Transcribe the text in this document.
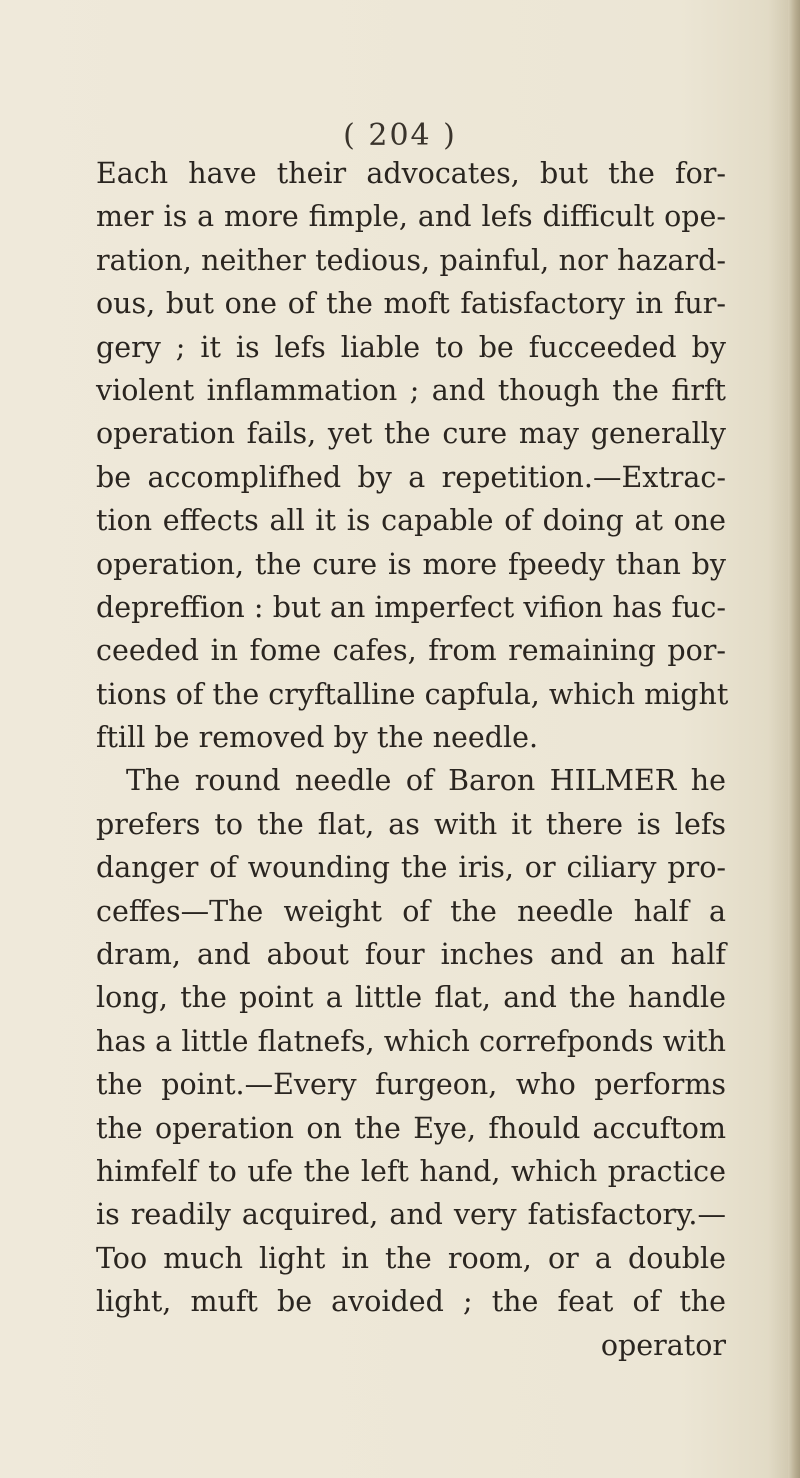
( 204 )
Each have their advocates, but the for-
mer is a more fimple, and lefs difficult ope-
ration, neither tedious, painful, nor hazard-
ous, but one of the moft fatisfactory in fur-
gery ; it is lefs liable to be fucceeded by
violent inflammation ; and though the firft
operation fails, yet the cure may generally
be accomplifhed by a repetition.—Extrac-
tion effects all it is capable of doing at one
operation, the cure is more fpeedy than by
depreffion : but an imperfect vifion has fuc-
ceeded in fome cafes, from remaining por-
tions of the cryftalline capfula, which might
ftill be removed by the needle.
The round needle of Baron HILMER he
prefers to the flat, as with it there is lefs
danger of wounding the iris, or ciliary pro-
ceffes—The weight of the needle half a
dram, and about four inches and an half
long, the point a little flat, and the handle
has a little flatnefs, which correfponds with
the point.—Every furgeon, who performs
the operation on the Eye, fhould accuftom
himfelf to ufe the left hand, which practice
is readily acquired, and very fatisfactory.—
Too much light in the room, or a double
light, muft be avoided ; the feat of the
operator
